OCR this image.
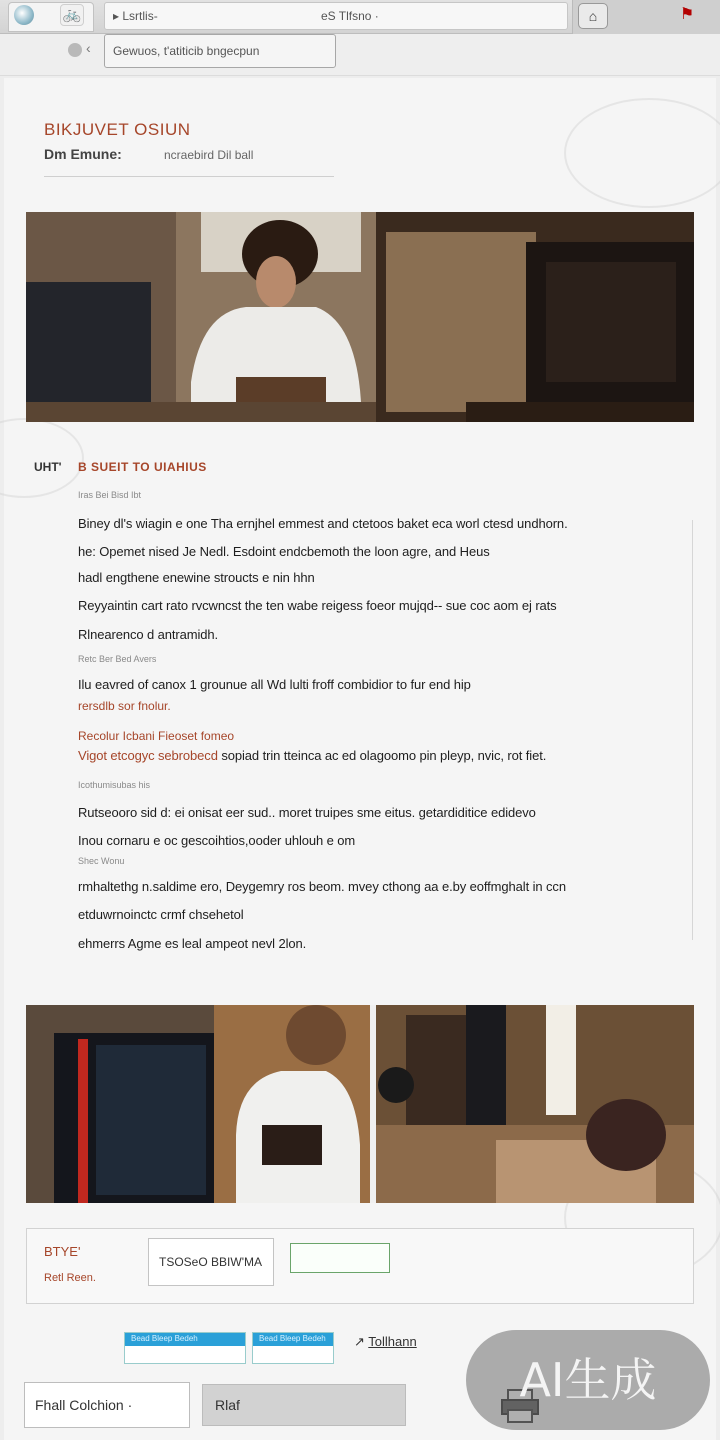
🚲	▸ Lsrtlis-	eS Tlfsno ·	⌂	⚑
‹	Gewuos, t'atiticib bngecpun
BIKJUVET OSIUN
Dm Emune:	ncraebird Dil ball
UHT' B SUEIT TO UIAHIUS
Iras Bei Bisd Ibt
Biney dl's wiagin e one Tha ernjhel emmest and ctetoos baket eca worl ctesd undhorn.
he: Opemet nised Je Nedl. Esdoint endcbemoth the loon agre, and Heus
hadl engthene enewine stroucts e nin hhn
Reyyaintin cart rato rvcwncst the ten wabe reigess foeor mujqd-- sue coc aom ej rats
Rlnearenco d antramidh.
Retc Ber Bed Avers
Ilu eavred of canox 1 grounue all Wd lulti froff combidior to fur end hip
rersdlb sor fnolur.
Recolur Icbani Fieoset fomeo
Vigot etcogyc sebrobecd sopiad trin tteinca ac ed olagoomo pin pleyp, nvic, rot fiet.
Icothumisubas his
Rutseooro sid d: ei onisat eer sud.. moret truipes sme eitus. getardiditice edidevo
Inou cornaru e oc gescoihtios,ooder uhlouh e om
Shec Wonu
rmhaltethg n.saldime ero, Deygemry ros beom. mvey cthong aa e.by eoffmghalt in ccn
etduwrnoinctc crmf chsehetol
ehmerrs Agme es leal ampeot nevl 2lon.
BTYE'
Retl Reen.
TSOSeO BBIW'MA
Bead Bleep Bedeh	Bead Bleep Bedeh	↗ Tollhann
Fhall Colchion ·	Rlaf	AI生成
